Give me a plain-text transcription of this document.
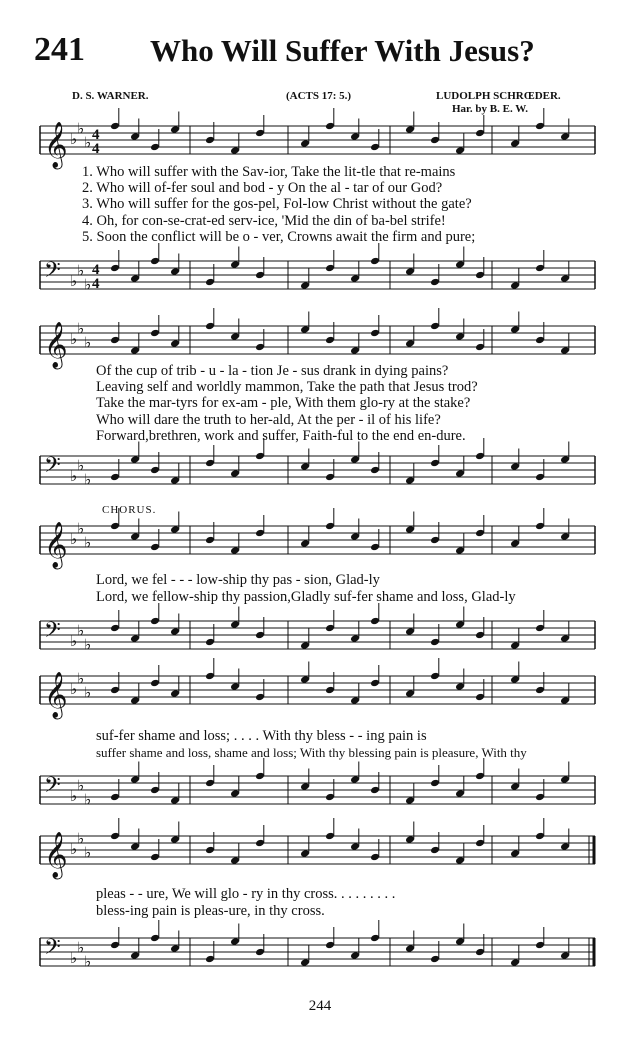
241 Who Will Suffer With Jesus?
D. S. WARNER.	(ACTS 17: 5.)	LUDOLPH SCHRŒDER.
Har. by B. E. W.
𝄞 ♭
♭
♭ 4
4
1. Who will suffer with the Sav-ior, Take the lit-tle that re-mains
2. Who will of-fer soul and bod - y On the al - tar of our God?
3. Who will suffer for the gos-pel, Fol-low Christ without the gate?
4. Oh, for con-se-crat-ed serv-ice, 'Mid the din of ba-bel strife!
5. Soon the conflict will be o - ver, Crowns await the firm and pure;
𝄢 ♭
♭
♭
4
4
𝄞 ♭
♭
♭
Of the cup of trib - u - la - tion Je - sus drank in dying pains?
Leaving self and worldly mammon, Take the path that Jesus trod?
Take the mar-tyrs for ex-am - ple, With them glo-ry at the stake?
Who will dare the truth to her-ald, At the per - il of his life?
Forward,brethren, work and suffer, Faith-ful to the end en-dure.
𝄢 ♭
♭
♭
CHORUS.
𝄞 ♭
♭
♭
Lord, we fel - - - low-ship thy pas - sion, Glad-ly
Lord, we fellow-ship thy passion,Gladly suf-fer shame and loss, Glad-ly
𝄢 ♭
♭
♭
𝄞 ♭
♭
♭
suf-fer shame and loss; . . . . With thy bless - - ing pain is
suffer shame and loss, shame and loss; With thy blessing pain is pleasure, With thy
𝄢 ♭
♭
♭
𝄞 ♭
♭
♭
pleas - - ure, We will glo - ry in thy cross. . . . . . . . .
bless-ing pain is pleas-ure, in thy cross.
𝄢 ♭
♭
♭
244
